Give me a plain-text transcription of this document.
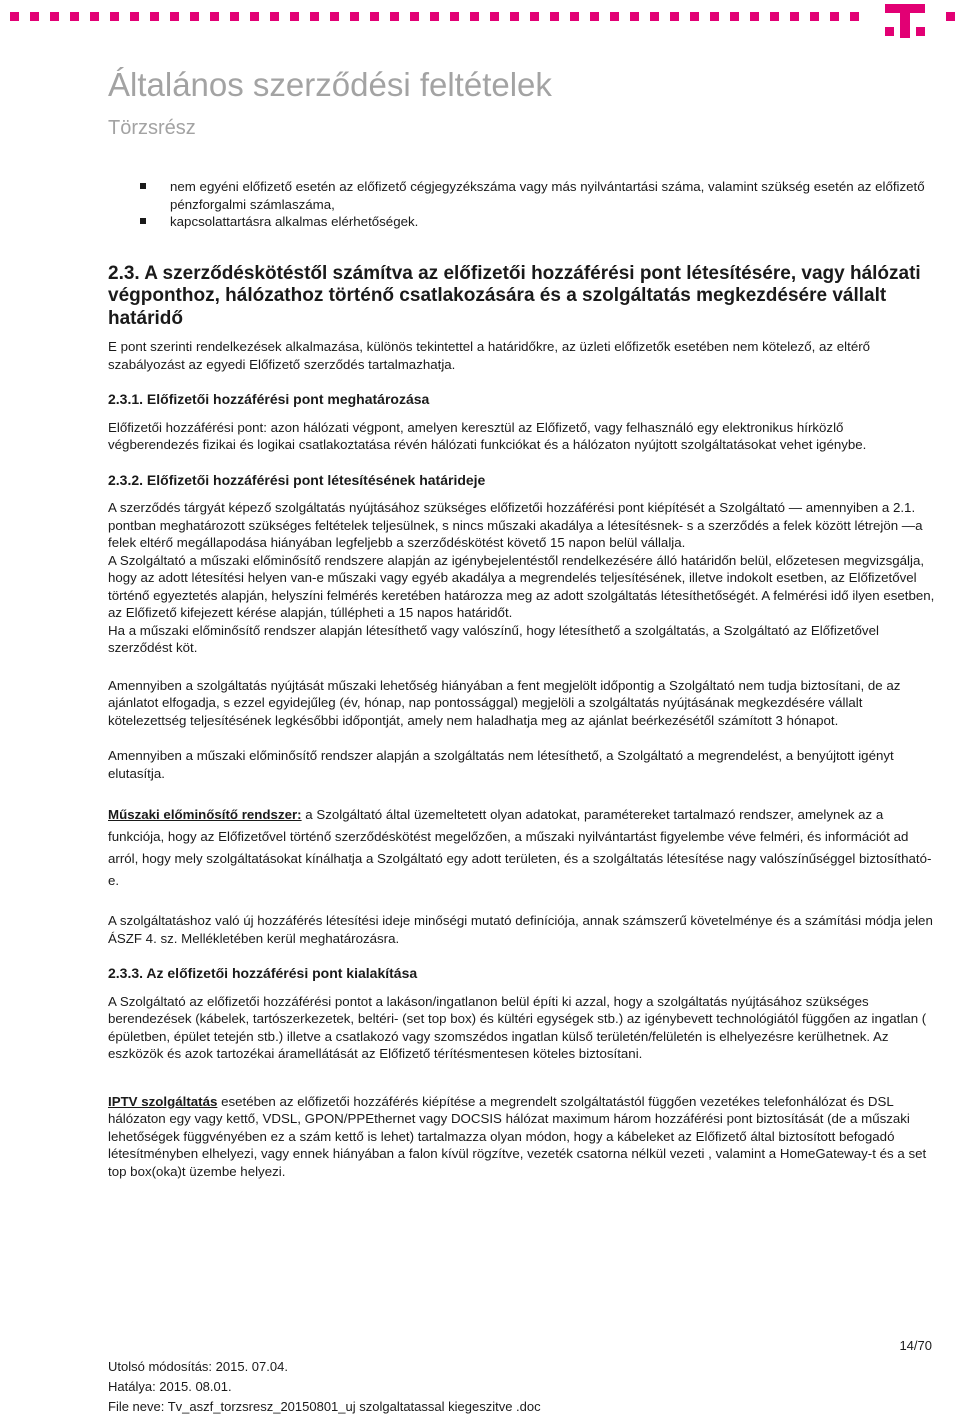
Általános szerződési feltételek
Törzsrész
nem egyéni előfizető esetén az előfizető cégjegyzékszáma vagy más nyilvántartási száma, valamint szükség esetén az előfizető pénzforgalmi számlaszáma,
kapcsolattartásra alkalmas elérhetőségek.
2.3. A szerződéskötéstől számítva az előfizetői hozzáférési pont létesítésére, vagy hálózati végponthoz, hálózathoz történő csatlakozására és a szolgáltatás megkezdésére vállalt határidő

E pont szerinti rendelkezések alkalmazása, különös tekintettel a határidőkre, az üzleti előfizetők esetében nem kötelező, az eltérő szabályozást az egyedi Előfizető szerződés tartalmazhatja.

2.3.1. Előfizetői hozzáférési pont meghatározása

Előfizetői hozzáférési pont: azon hálózati végpont, amelyen keresztül az Előfizető, vagy felhasználó egy elektronikus hírközlő végberendezés fizikai és logikai csatlakoztatása révén hálózati funkciókat és a hálózaton nyújtott szolgáltatásokat vehet igénybe.

2.3.2. Előfizetői hozzáférési pont létesítésének határideje

A szerződés tárgyát képező szolgáltatás nyújtásához szükséges előfizetői hozzáférési pont kiépítését a Szolgáltató — amennyiben a 2.1. pontban meghatározott szükséges feltételek teljesülnek, s nincs műszaki akadálya a létesítésnek- s a szerződés a felek között létrejön —a felek eltérő megállapodása hiányában legfeljebb a szerződéskötést követő 15 napon belül vállalja.

A Szolgáltató a műszaki előminősítő rendszere alapján az igénybejelentéstől rendelkezésére álló határidőn belül, előzetesen megvizsgálja, hogy az adott létesítési helyen van-e műszaki vagy egyéb akadálya a megrendelés teljesítésének, illetve indokolt esetben, az Előfizetővel történő egyeztetés alapján, helyszíni felmérés keretében határozza meg az adott szolgáltatás létesíthetőségét. A felmérési idő ilyen esetben, az Előfizető kifejezett kérése alapján, túllépheti a 15 napos határidőt.

Ha a műszaki előminősítő rendszer alapján létesíthető vagy valószínű, hogy létesíthető a szolgáltatás, a Szolgáltató az Előfizetővel szerződést köt.

Amennyiben a szolgáltatás nyújtását műszaki lehetőség hiányában a fent megjelölt időpontig a Szolgáltató nem tudja biztosítani, de az ajánlatot elfogadja, s ezzel egyidejűleg (év, hónap, nap pontossággal) megjelöli a szolgáltatás nyújtásának megkezdésére vállalt kötelezettség teljesítésének legkésőbbi időpontját, amely nem haladhatja meg az ajánlat beérkezésétől számított 3 hónapot.

Amennyiben a műszaki előminősítő rendszer alapján a szolgáltatás nem létesíthető, a Szolgáltató a megrendelést, a benyújtott igényt elutasítja.

Műszaki előminősítő rendszer: a Szolgáltató által üzemeltetett olyan adatokat, paramétereket tartalmazó rendszer, amelynek az a funkciója, hogy az Előfizetővel történő szerződéskötést megelőzően, a műszaki nyilvántartást figyelembe véve felméri, és információt ad arról, hogy mely szolgáltatásokat kínálhatja a Szolgáltató egy adott területen, és a szolgáltatás létesítése nagy valószínűséggel biztosítható-e.

A szolgáltatáshoz való új hozzáférés létesítési ideje minőségi mutató definíciója, annak számszerű követelménye és a számítási módja jelen ÁSZF 4. sz. Mellékletében kerül meghatározásra.

2.3.3. Az előfizetői hozzáférési pont kialakítása

A Szolgáltató az előfizetői hozzáférési pontot a lakáson/ingatlanon belül építi ki azzal, hogy a szolgáltatás nyújtásához szükséges berendezések (kábelek, tartószerkezetek, beltéri- (set top box) és kültéri egységek stb.) az igénybevett technológiától függően az ingatlan ( épületben, épület tetején stb.) illetve a csatlakozó vagy szomszédos ingatlan külső területén/felületén is elhelyezésre kerülhetnek. Az eszközök és azok tartozékai áramellátását az Előfizető térítésmentesen köteles biztosítani.

IPTV szolgáltatás esetében az előfizetői hozzáférés kiépítése a megrendelt szolgáltatástól függően vezetékes telefonhálózat és DSL hálózaton egy vagy kettő, VDSL, GPON/PPEthernet vagy DOCSIS hálózat maximum három hozzáférési pont biztosítását (de a műszaki lehetőségek függvényében ez a szám kettő is lehet) tartalmazza olyan módon, hogy a kábeleket az Előfizető által biztosított befogadó létesítményben elhelyezi, vagy ennek hiányában a falon kívül rögzítve, vezeték csatorna nélkül vezeti , valamint a HomeGateway-t és a set top box(oka)t üzembe helyezi.

14/70
Utolsó módosítás: 2015. 07.04.
Hatálya: 2015. 08.01.
File neve: Tv_aszf_torzsresz_20150801_uj szolgaltatassal kiegeszitve .doc
